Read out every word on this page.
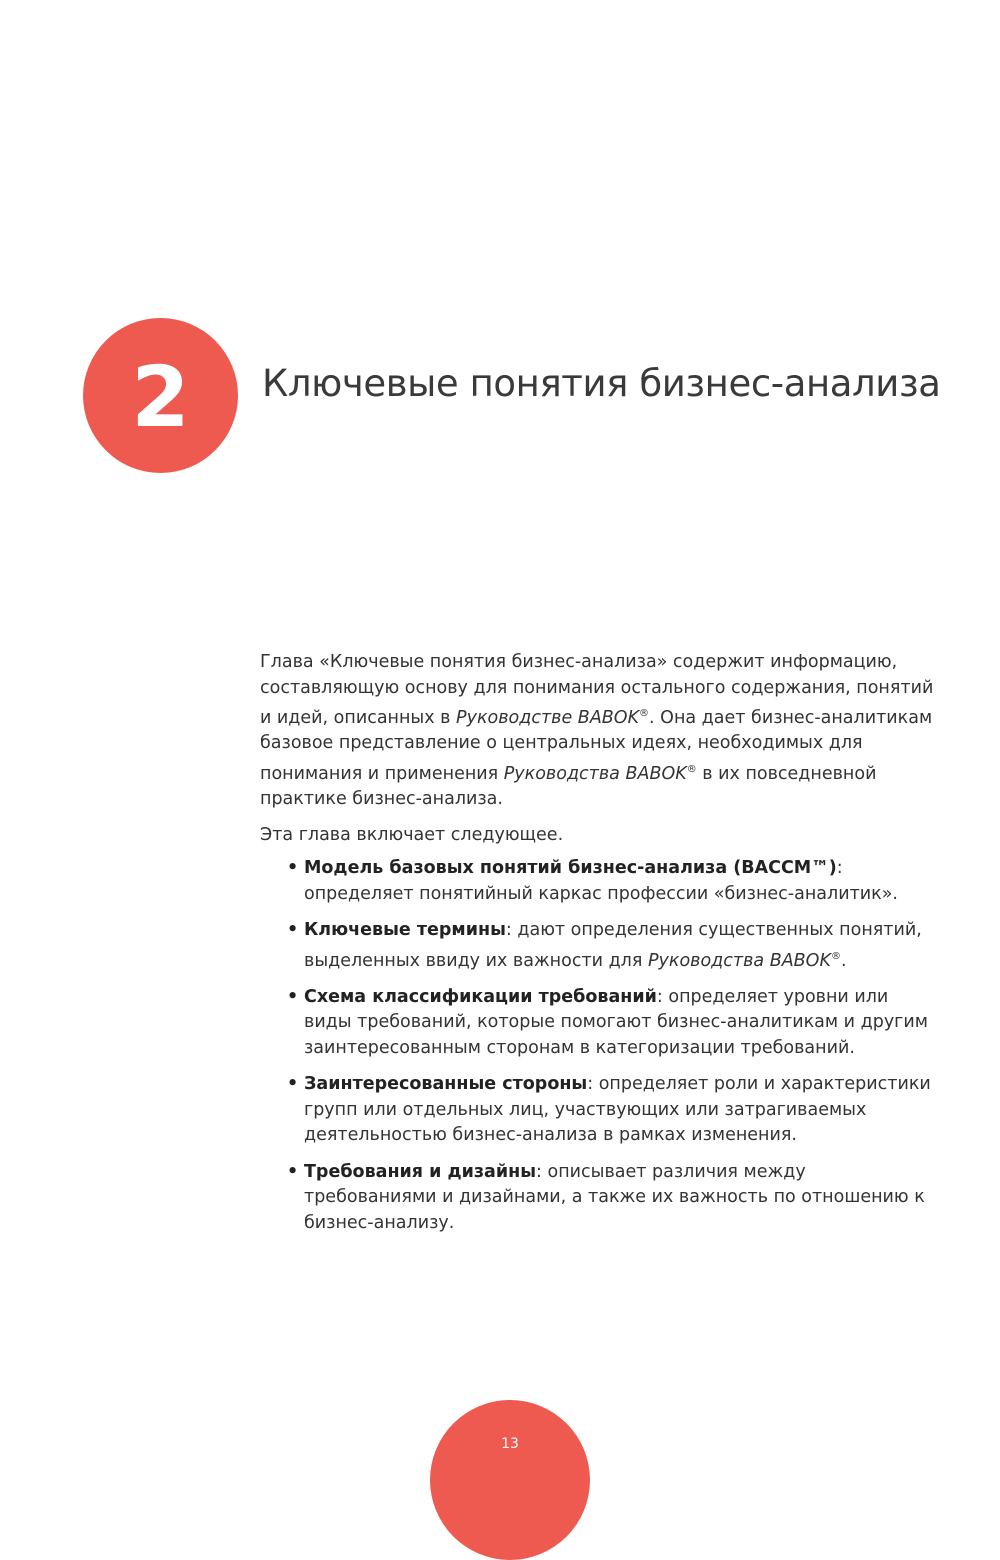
2 Ключевые понятия бизнес-анализа

Глава «Ключевые понятия бизнес-анализа» содержит информацию, составляющую основу для понимания остального содержания, понятий и идей, описанных в Руководстве BABOK®. Она дает бизнес-аналитикам базовое представление о центральных идеях, необходимых для понимания и применения Руководства BABOK® в их повседневной практике бизнес-анализа.

Эта глава включает следующее.

• Модель базовых понятий бизнес-анализа (BACCM™): определяет понятийный каркас профессии «бизнес-аналитик».
• Ключевые термины: дают определения существенных понятий, выделенных ввиду их важности для Руководства BABOK®.
• Схема классификации требований: определяет уровни или виды требований, которые помогают бизнес-аналитикам и другим заинтересованным сторонам в категоризации требований.
• Заинтересованные стороны: определяет роли и характеристики групп или отдельных лиц, участвующих или затрагиваемых деятельностью бизнес-анализа в рамках изменения.
• Требования и дизайны: описывает различия между требованиями и дизайнами, а также их важность по отношению к бизнес-анализу.
13
